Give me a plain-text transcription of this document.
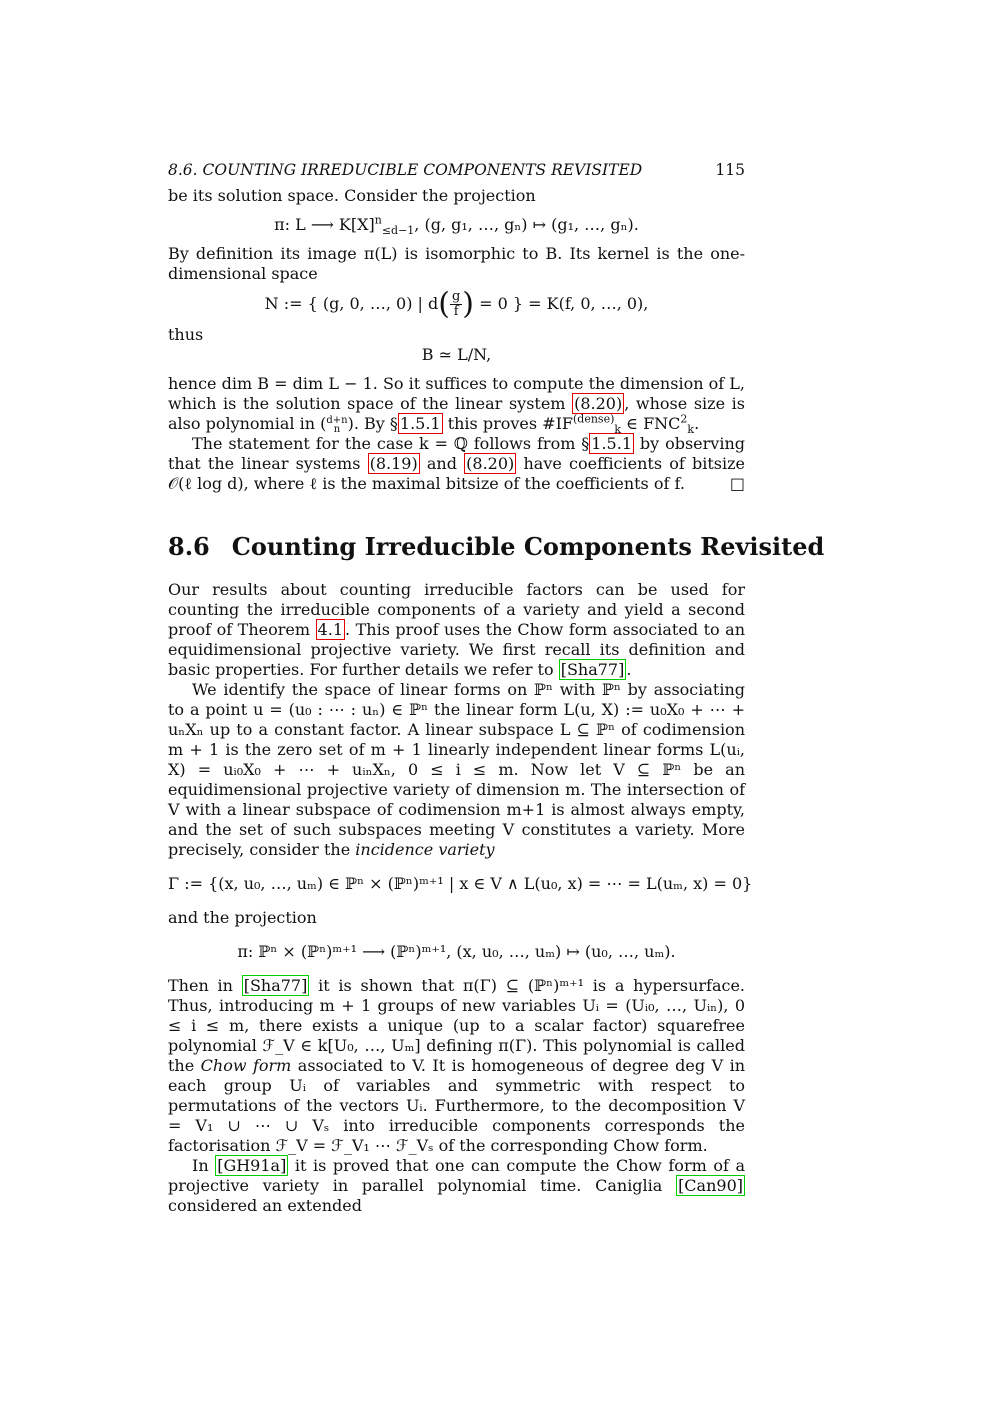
8.6. COUNTING IRREDUCIBLE COMPONENTS REVISITED	115

be its solution space. Consider the projection

π: L ⟶ $K[X]^n_{\le d-1}$, (g, g₁, …, gₙ) ↦ (g₁, …, gₙ).

By definition its image π(L) is isomorphic to B. Its kernel is the one-dimensional space

N := { (g, 0, …, 0) | $d( \frac{g}{f}$ ) = 0 } = K(f, 0, …, 0),

thus

B ≃ L/N,

hence dim B = dim L − 1. So it suffices to compute the dimension of L, which is the solution space of the linear system (8.20) , whose size is also polynomial in ( d+n
n ). By § 1.5.1 this proves $\#IF^{(dense)}_k$ ∈ $FNC^2_k$.

The statement for the case k = ℚ follows from § 1.5.1 by observing that the linear systems (8.19) and (8.20) have coefficients of bitsize 𝒪(ℓ log d), where ℓ is the maximal bitsize of the coefficients of f.	□

8.6 Counting Irreducible Components Revisited

Our results about counting irreducible factors can be used for counting the irreducible components of a variety and yield a second proof of Theorem 4.1 . This proof uses the Chow form associated to an equidimensional projective variety. We first recall its definition and basic properties. For further details we refer to [Sha77] .

We identify the space of linear forms on ℙⁿ with ℙⁿ by associating to a point u = (u₀ : ⋯ : uₙ) ∈ ℙⁿ the linear form L(u, X) := u₀X₀ + ⋯ + uₙXₙ up to a constant factor. A linear subspace L ⊆ ℙⁿ of codimension m + 1 is the zero set of m + 1 linearly independent linear forms L(uᵢ, X) = uᵢ₀X₀ + ⋯ + uᵢₙXₙ, 0 ≤ i ≤ m. Now let V ⊆ ℙⁿ be an equidimensional projective variety of dimension m. The intersection of V with a linear subspace of codimension m+1 is almost always empty, and the set of such subspaces meeting V constitutes a variety. More precisely, consider the incidence variety

Γ := {(x, u₀, …, uₘ) ∈ ℙⁿ × (ℙⁿ)ᵐ⁺¹ | x ∈ V ∧ L(u₀, x) = ⋯ = L(uₘ, x) = 0}

and the projection

π: ℙⁿ × (ℙⁿ)ᵐ⁺¹ ⟶ (ℙⁿ)ᵐ⁺¹, (x, u₀, …, uₘ) ↦ (u₀, …, uₘ).

Then in [Sha77] it is shown that π(Γ) ⊆ (ℙⁿ)ᵐ⁺¹ is a hypersurface. Thus, introducing m + 1 groups of new variables Uᵢ = (Uᵢ₀, …, Uᵢₙ), 0 ≤ i ≤ m, there exists a unique (up to a scalar factor) squarefree polynomial ℱ_V ∈ k[U₀, …, Uₘ] defining π(Γ). This polynomial is called the Chow form associated to V. It is homogeneous of degree deg V in each group Uᵢ of variables and symmetric with respect to permutations of the vectors Uᵢ. Furthermore, to the decomposition V = V₁ ∪ ⋯ ∪ Vₛ into irreducible components corresponds the factorisation ℱ_V = ℱ_V₁ ⋯ ℱ_Vₛ of the corresponding Chow form.

In [GH91a] it is proved that one can compute the Chow form of a projective variety in parallel polynomial time. Caniglia [Can90] considered an extended
